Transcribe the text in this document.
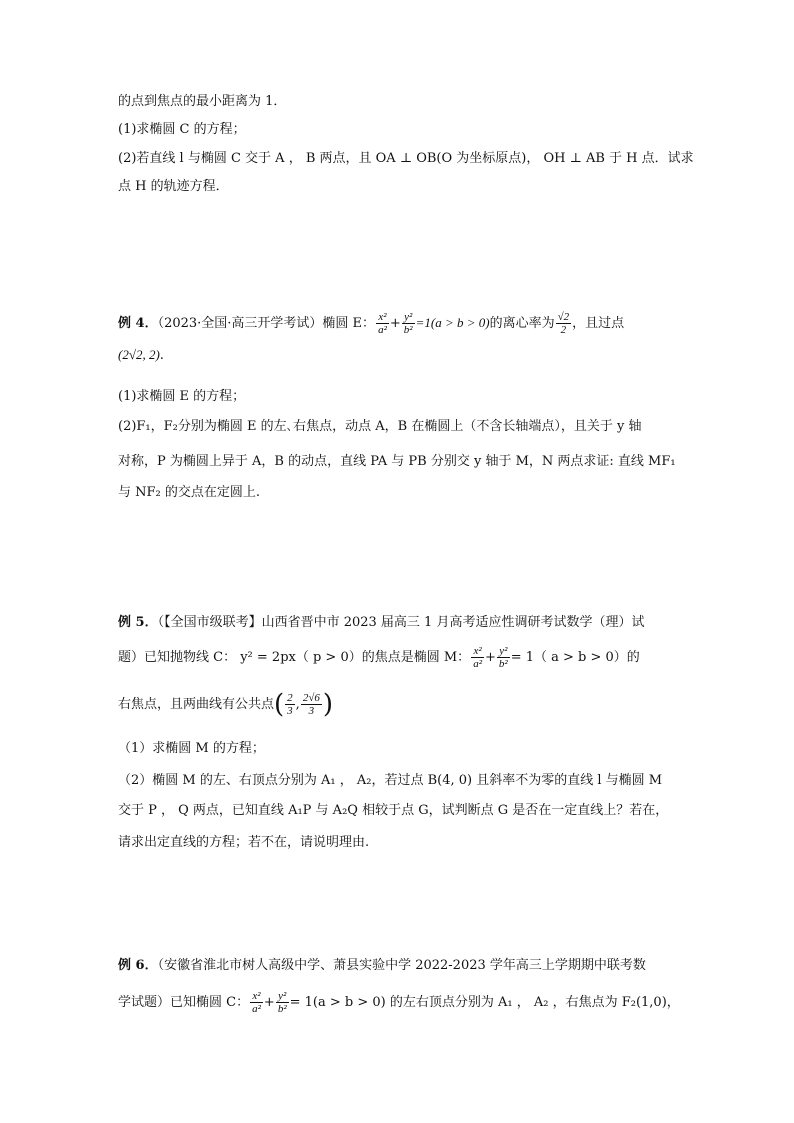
的点到焦点的最小距离为 1．
(1)求椭圆 C 的方程；
(2)若直线 l 与椭圆 C 交于 A ， B 两点，且 OA ⊥ OB(O 为坐标原点)， OH ⊥ AB 于 H 点．试求
点 H 的轨迹方程．
例 4．（2023·全国·高三开学考试）椭圆 E： $\frac{\text{x²}}{\text{a²}} + \frac{\text{y²}}{\text{b²}} =1(a > b > 0)$的离心率为 $\frac{√2}{2}$ ，且过点
(2√2, 2).
(1)求椭圆 E 的方程；
(2)F₁，F₂分别为椭圆 E 的左､右焦点，动点 A，B 在椭圆上（不含长轴端点），且关于 y 轴
对称，P 为椭圆上异于 A，B 的动点，直线 PA 与 PB 分别交 y 轴于 M，N 两点求证: 直线 MF₁
与 NF₂ 的交点在定圆上.
例 5．（【全国市级联考】山西省晋中市 2023 届高三 1 月高考适应性调研考试数学（理）试
题）已知抛物线 C： y² = 2px（ p > 0）的焦点是椭圆 M： $\frac{\text{x²}}{\text{a²}} + \frac{\text{y²}}{\text{b²}} = 1$（ a > b > 0）的
右焦点，且两曲线有公共点( $\frac{2}{3}$ , $\frac{2√6}{3}$ )
（1）求椭圆 M 的方程；
（2）椭圆 M 的左、右顶点分别为 A₁ ， A₂，若过点 B(4, 0) 且斜率不为零的直线 l 与椭圆 M
交于 P ， Q 两点，已知直线 A₁P 与 A₂Q 相较于点 G，试判断点 G 是否在一定直线上？若在，
请求出定直线的方程；若不在，请说明理由.
例 6．（安徽省淮北市树人高级中学、萧县实验中学 2022-2023 学年高三上学期期中联考数
学试题）已知椭圆 C： $\frac{\text{x²}}{\text{a²}} + \frac{\text{y²}}{\text{b²}} = 1(a > b > 0)$ 的左右顶点分别为 A₁ ， A₂ ，右焦点为 F₂(1,0)，
